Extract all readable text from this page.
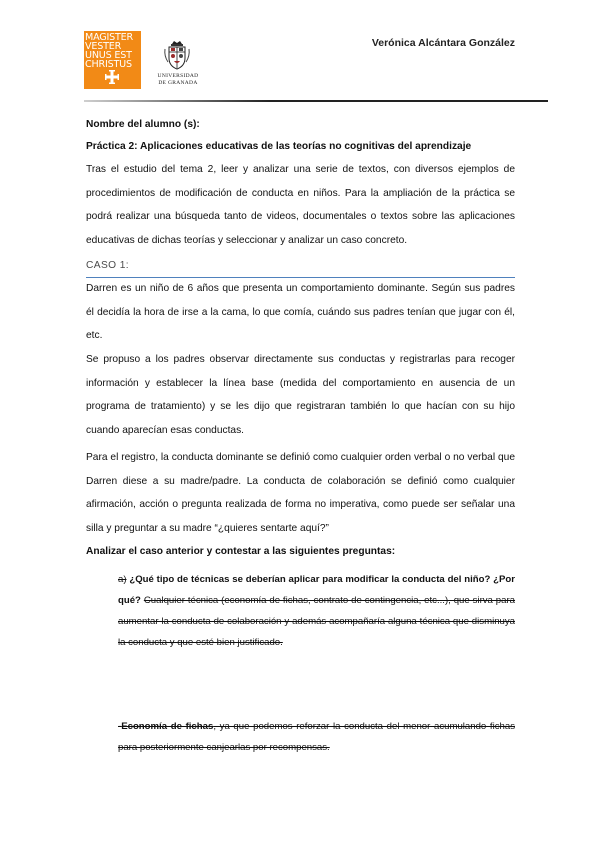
MAGISTER
VESTER
UNUS EST
CHRISTUS
UNIVERSIDAD
DE GRANADA
Verónica Alcántara González
Nombre del alumno (s):
Práctica 2: Aplicaciones educativas de las teorías no cognitivas del aprendizaje
Tras el estudio del tema 2, leer y analizar una serie de textos, con diversos ejemplos de procedimientos de modificación de conducta en niños. Para la ampliación de la práctica se podrá realizar una búsqueda tanto de videos, documentales o textos sobre las aplicaciones educativas de dichas teorías y seleccionar y analizar un caso concreto.
CASO 1:
Darren es un niño de 6 años que presenta un comportamiento dominante. Según sus padres él decidía la hora de irse a la cama, lo que comía, cuándo sus padres tenían que jugar con él, etc.
Se propuso a los padres observar directamente sus conductas y registrarlas para recoger información y establecer la línea base (medida del comportamiento en ausencia de un programa de tratamiento) y se les dijo que registraran también lo que hacían con su hijo cuando aparecían esas conductas.
Para el registro, la conducta dominante se definió como cualquier orden verbal o no verbal que Darren diese a su madre/padre. La conducta de colaboración se definió como cualquier afirmación, acción o pregunta realizada de forma no imperativa, como puede ser señalar una silla y preguntar a su madre “¿quieres sentarte aquí?”
Analizar el caso anterior y contestar a las siguientes preguntas:
a) ¿Qué tipo de técnicas se deberían aplicar para modificar la conducta del niño? ¿Por qué? Cualquier técnica (economía de fichas, contrato de contingencia, etc...), que sirva para aumentar la conducta de colaboración y además acompañaría alguna técnica que disminuya la conducta y que esté bien justificado.
-Economía de fichas, ya que podemos reforzar la conducta del menor acumulando fichas para posteriormente canjearlas por recompensas.
